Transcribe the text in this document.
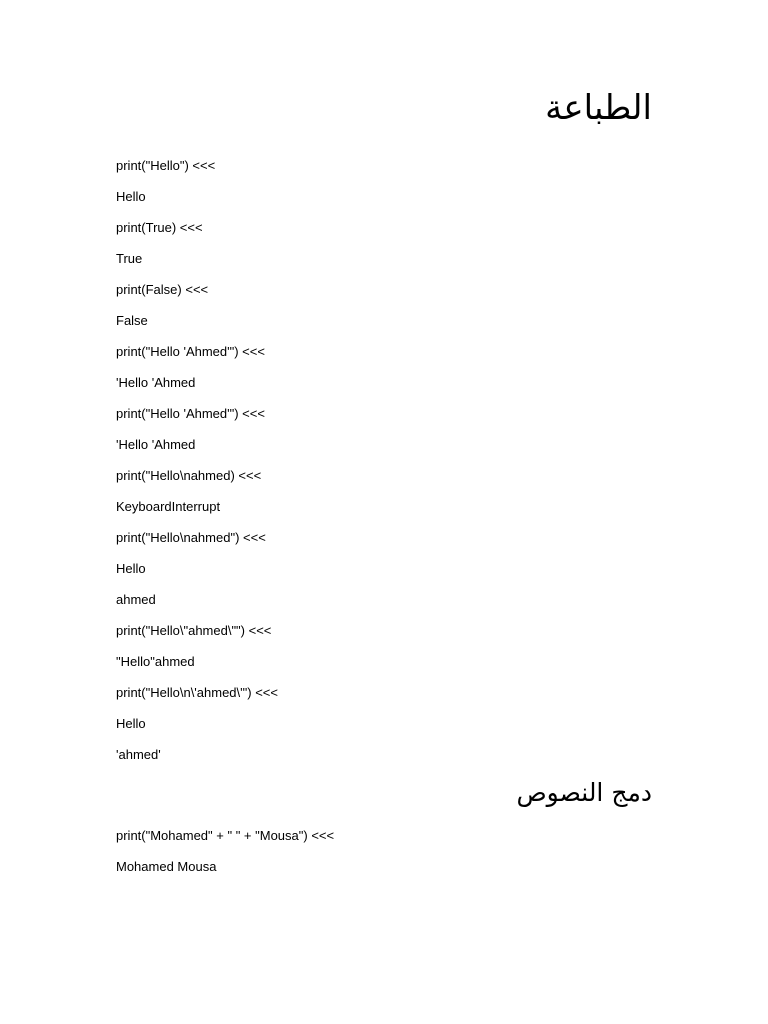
الطباعة

print("Hello") <<<

Hello

print(True) <<<

True

print(False) <<<

False

print("Hello 'Ahmed'") <<<

'Hello 'Ahmed

print("Hello 'Ahmed'") <<<

'Hello 'Ahmed

print("Hello\nahmed) <<<

KeyboardInterrupt

print("Hello\nahmed") <<<

Hello

ahmed

print("Hello\"ahmed\"") <<<

"Hello"ahmed

print("Hello\n\'ahmed\'") <<<

Hello

'ahmed'

دمج النصوص

print("Mohamed" + " " + "Mousa") <<<

Mohamed Mousa
